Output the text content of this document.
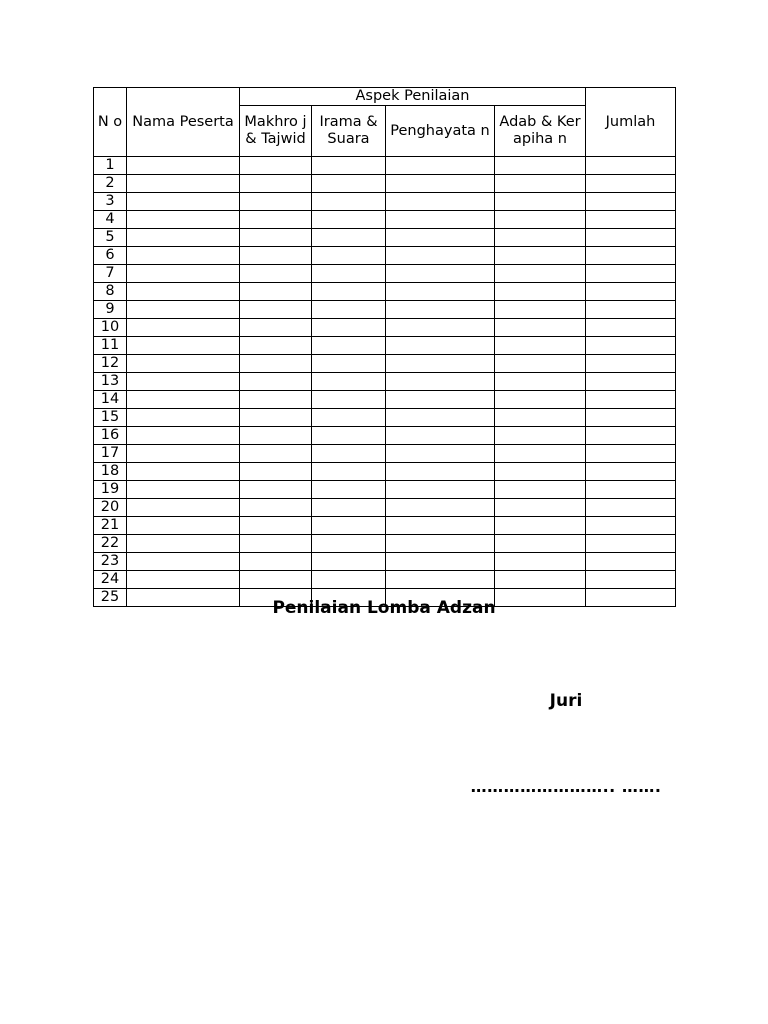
N o	Nama Peserta	Aspek Penilaian				Jumlah
		Makhro j & Tajwid	Irama & Suara	Penghayata n	Adab & Kerapiha n	
1						
2						
3						
4						
5						
6						
7						
8						
9						
10						
11						
12						
13						
14						
15						
16						
17						
18						
19						
20						
21						
22						
23						
24						
25						
Penilaian Lomba Adzan
Juri
…………………….. …….
